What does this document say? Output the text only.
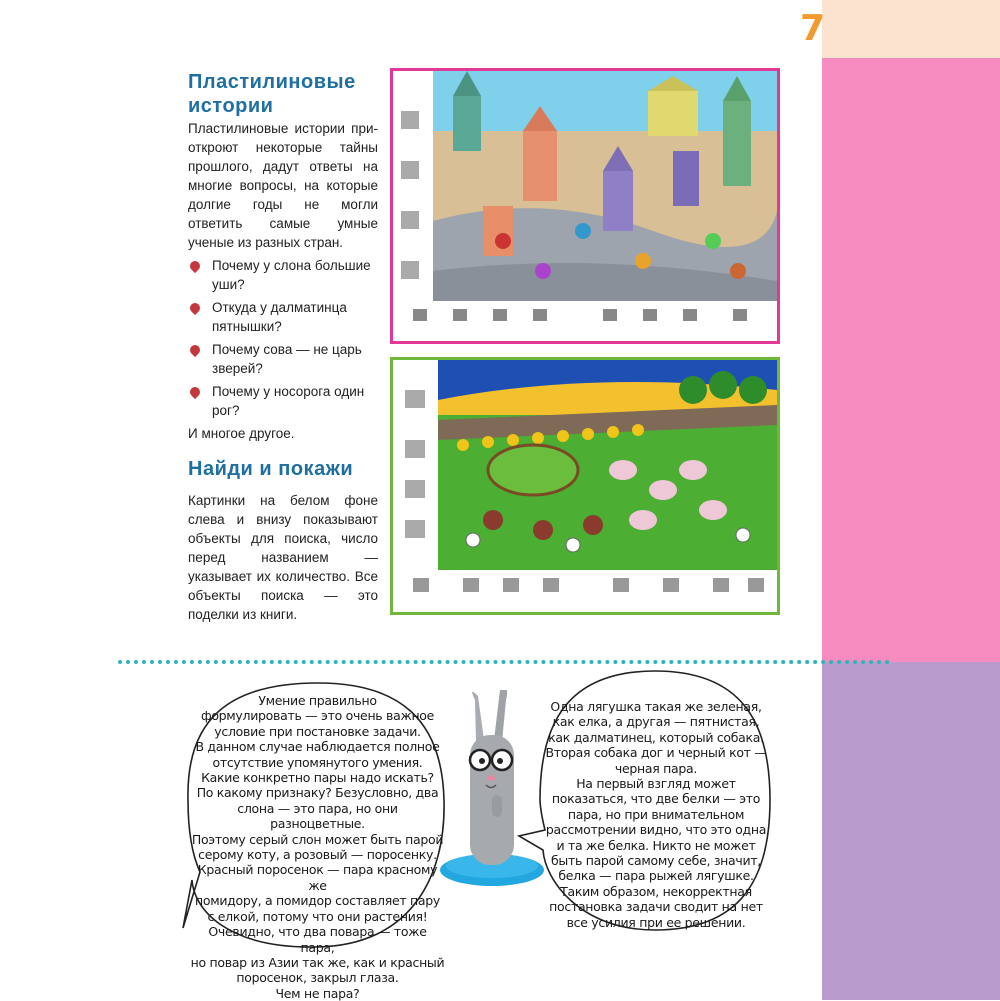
7
Пластилиновые
истории

Пластилиновые истории при-откроют некоторые тайны прошлого, дадут ответы на многие вопросы, на которые долгие годы не могли ответить самые умные ученые из разных стран.

Почему у слона большие уши?
Откуда у далматинца пятнышки?
Почему сова — не царь зверей?
Почему у носорога один рог?

И многое другое.

Найди и покажи
Картинки на белом фоне слева и внизу показывают объекты для поиска, число перед названием — указывает их количество. Все объекты поиска — это поделки из книги.
Умение правильно
формулировать — это очень важное
условие при постановке задачи.
В данном случае наблюдается полное
отсутствие упомянутого умения.
Какие конкретно пары надо искать?
По какому признаку? Безусловно, два
слона — это пара, но они разноцветные.
Поэтому серый слон может быть парой
серому коту, а розовый — поросенку.
Красный поросенок — пара красному же
помидору, а помидор составляет пару
с елкой, потому что они растения!
Очевидно, что два повара — тоже пара,
но повар из Азии так же, как и красный
поросенок, закрыл глаза.
Чем не пара?
Одна лягушка такая же зеленая,
как елка, а другая — пятнистая,
как далматинец, который собака.
Вторая собака дог и черный кот —
черная пара.
На первый взгляд может
показаться, что две белки — это
пара, но при внимательном
рассмотрении видно, что это одна
и та же белка. Никто не может
быть парой самому себе, значит,
белка — пара рыжей лягушке.
Таким образом, некорректная
постановка задачи сводит на нет
все усилия при ее решении.
